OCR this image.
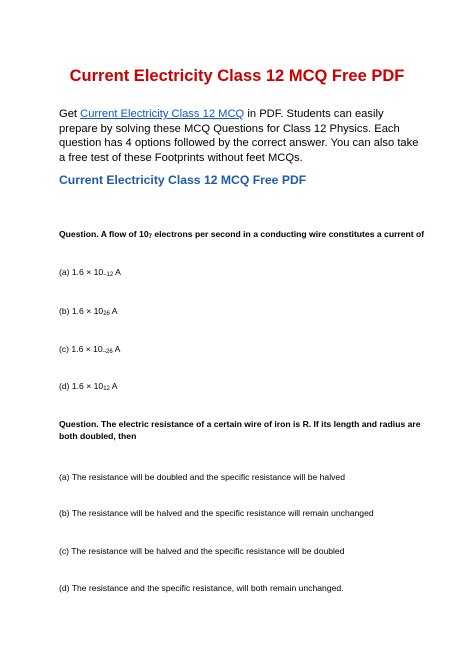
Current Electricity Class 12 MCQ Free PDF
Get Current Electricity Class 12 MCQ in PDF. Students can easily prepare by solving these MCQ Questions for Class 12 Physics. Each question has 4 options followed by the correct answer. You can also take a free test of these Footprints without feet MCQs.
Current Electricity Class 12 MCQ Free PDF
Question. A flow of 107 electrons per second in a conducting wire constitutes a current of
(a) 1.6 × 10–12 A
(b) 1.6 × 1026 A
(c) 1.6 × 10–26 A
(d) 1.6 × 1012 A
Question. The electric resistance of a certain wire of iron is R. If its length and radius are both doubled, then
(a) The resistance will be doubled and the specific resistance will be halved
(b) The resistance will be halved and the specific resistance will remain unchanged
(c) The resistance will be halved and the specific resistance will be doubled
(d) The resistance and the specific resistance, will both remain unchanged.
